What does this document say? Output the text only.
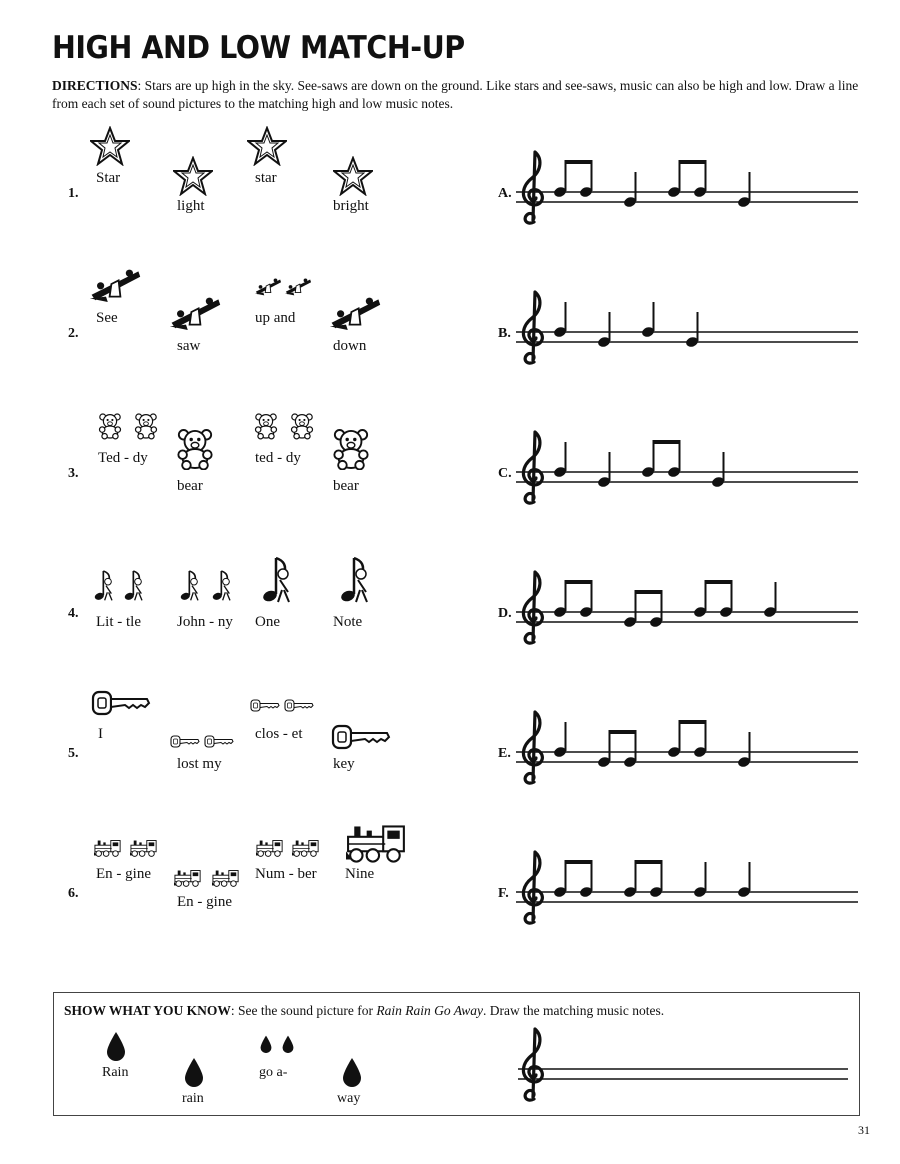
HIGH AND LOW MATCH-UP
DIRECTIONS: Stars are up high in the sky. See-saws are down on the ground. Like stars and see-saws, music can also be high and low. Draw a line from each set of sound pictures to the matching high and low music notes.
1.
Star
light
star
bright
A.
2.
See
saw
up and
down
B.
3.
Ted - dy
bear
ted - dy
bear
C.
4.
Lit - tle John - ny One	Note
D.
5.
I
lost my
clos - et
key
E.
6.
En - gine
En - gine
Num - ber Nine
F.
SHOW WHAT YOU KNOW: See the sound picture for Rain Rain Go Away. Draw the matching music notes.
Rain
rain
go a-
way
31
